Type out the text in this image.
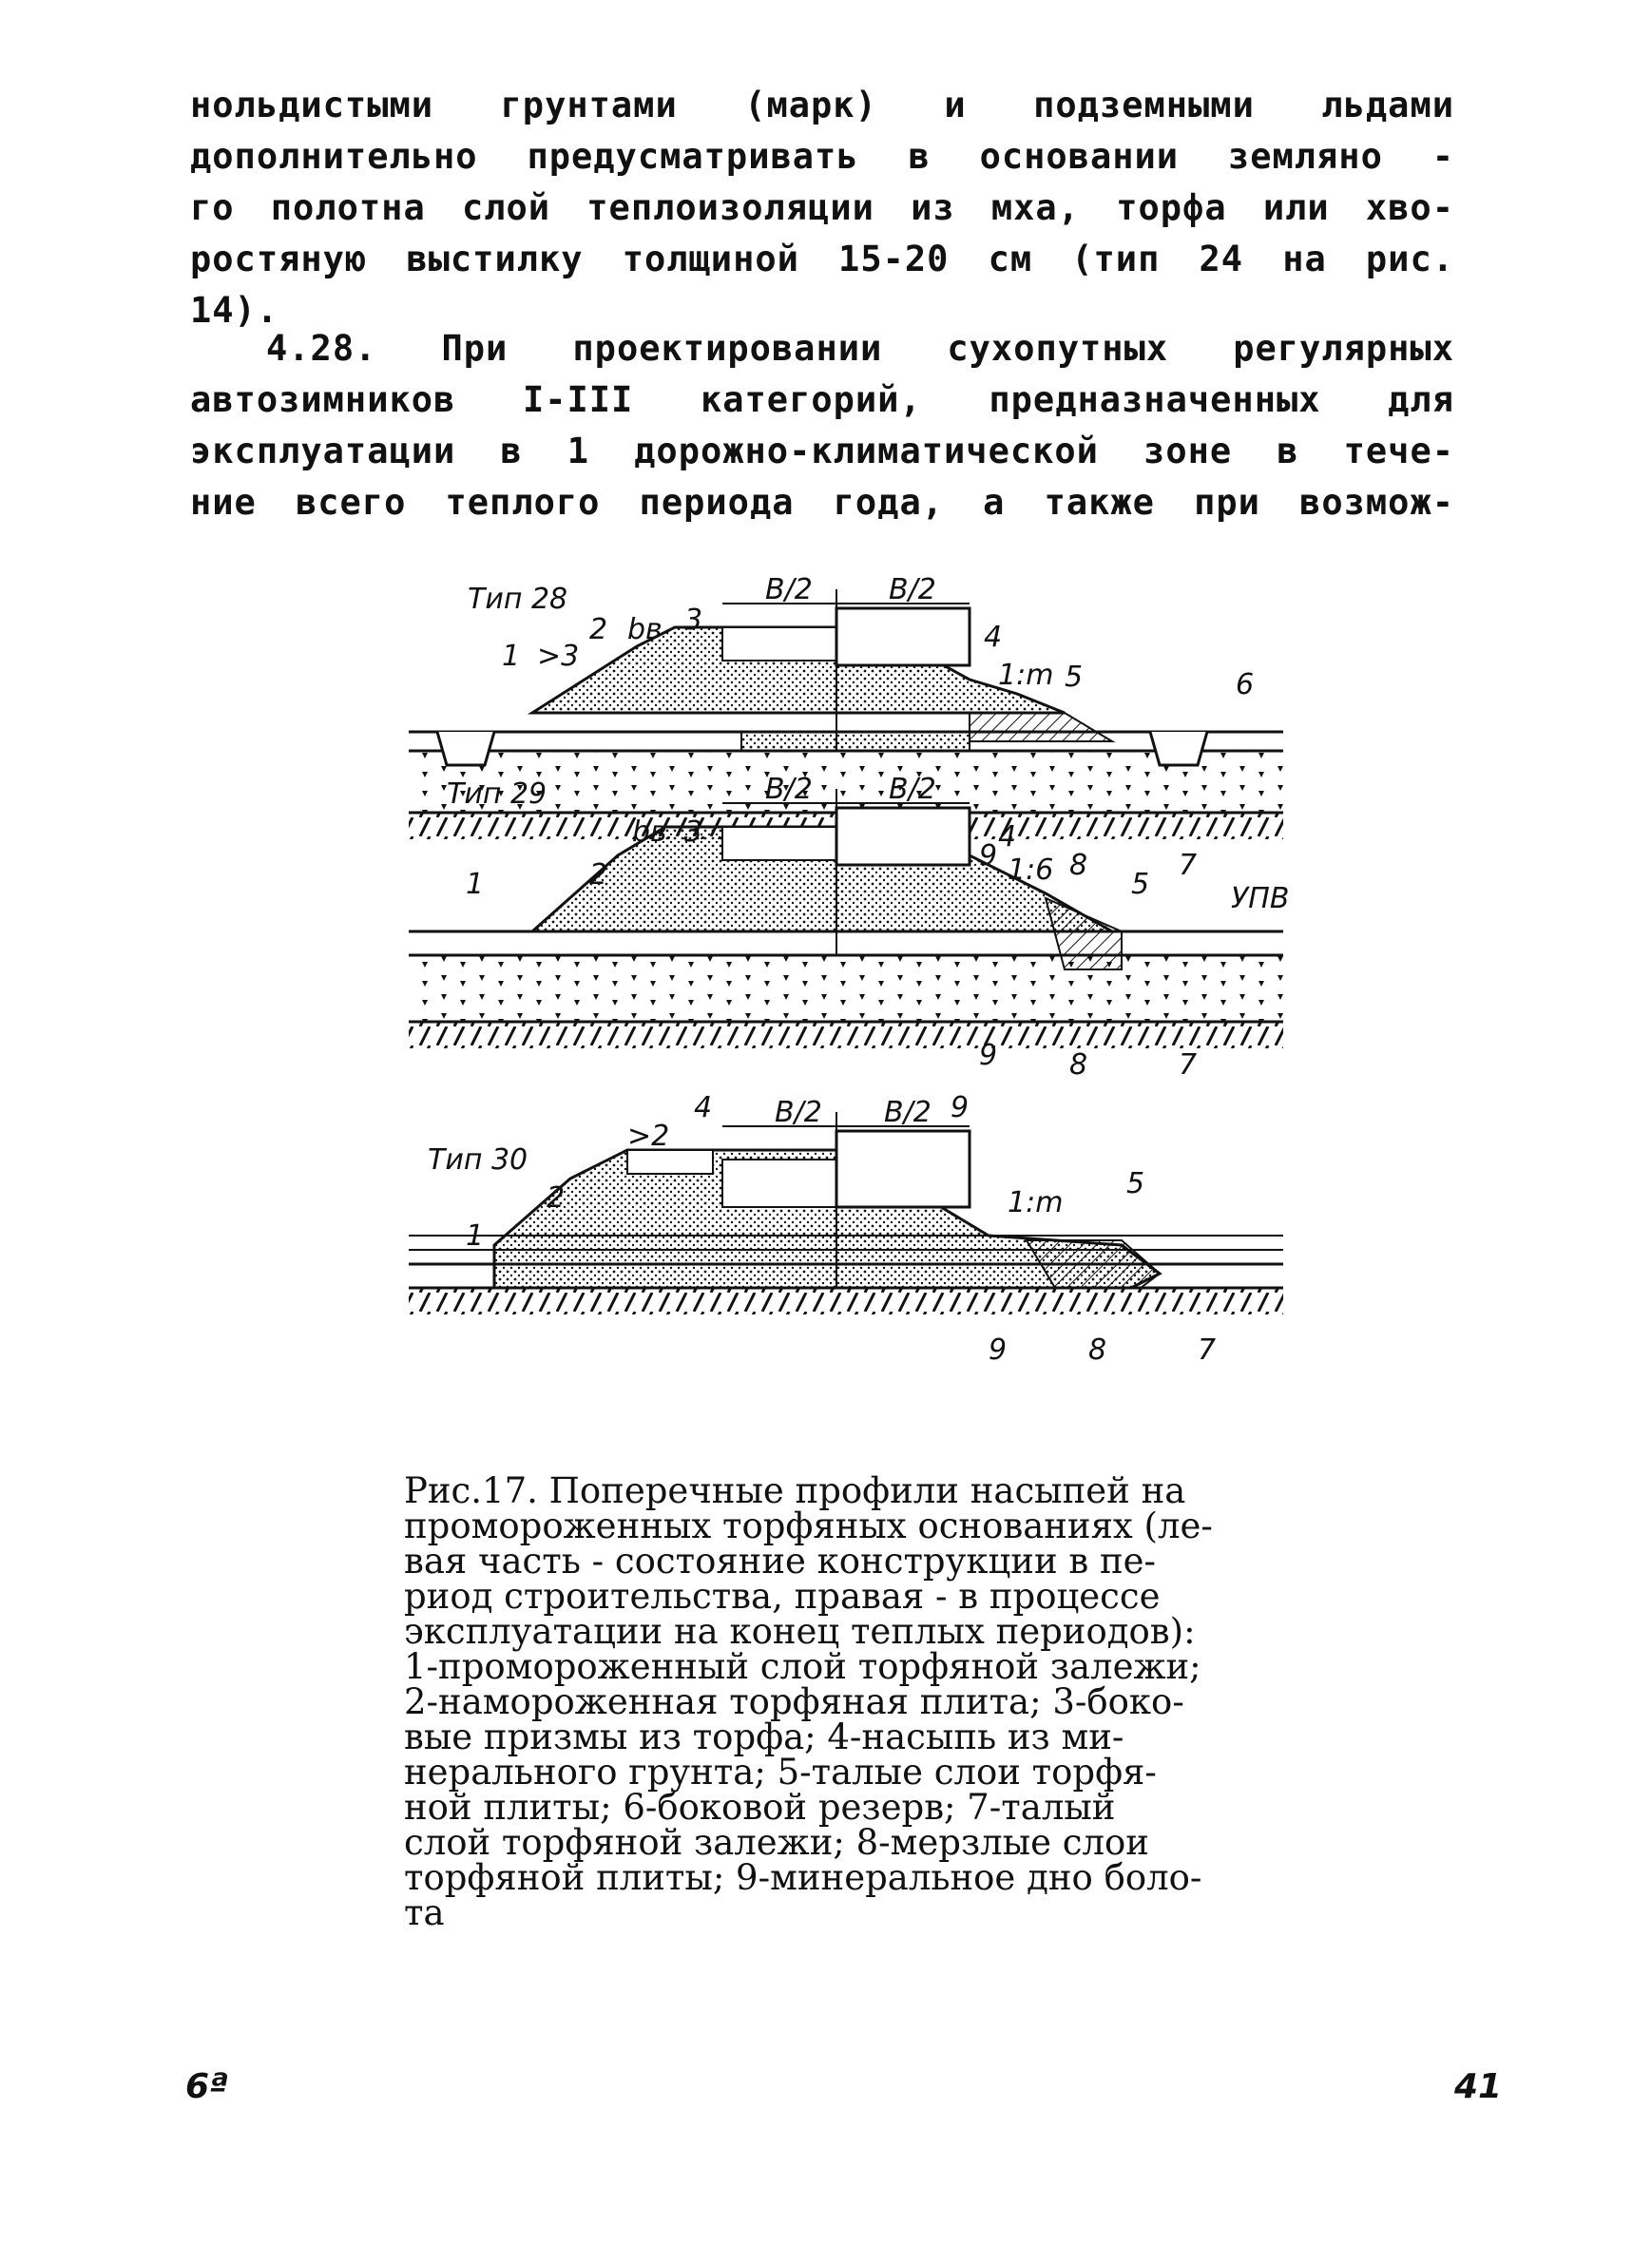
нольдистыми грунтами (марк) и подземными льдами
дополнительно предусматривать в основании земляно -
го полотна слой теплоизоляции из мха, торфа или хво-
ростяную выстилку толщиной 15-20 см (тип 24 на рис.
14).
4.28. При проектировании сухопутных регулярных
автозимников I-III категорий, предназначенных для
эксплуатации в 1 дорожно-климатической зоне в тече-
ние всего теплого периода года, а также при возмож-
Тип 28	B/2	B/2
bв
1:m
>3
1
2	3
4
5	6
7
8
9
Тип 29	B/2	B/2
bв
1:6
УПВ
1	2
3	4
5
7
8
9
Тип 30
B/2 B/2
>2
1:m
1
2
4
5
9
7
8
9
Рис.17. Поперечные профили насыпей на
промороженных торфяных основаниях (ле-
вая часть - состояние конструкции в пе-
риод строительства, правая - в процессе
эксплуатации на конец теплых периодов):
1-промороженный слой торфяной залежи;
2-намороженная торфяная плита; 3-боко-
вые призмы из торфа; 4-насыпь из ми-
нерального грунта; 5-талые слои торфя-
ной плиты; 6-боковой резерв; 7-талый
слой торфяной залежи; 8-мерзлые слои
торфяной плиты; 9-минеральное дно боло-
та
6ª	41
